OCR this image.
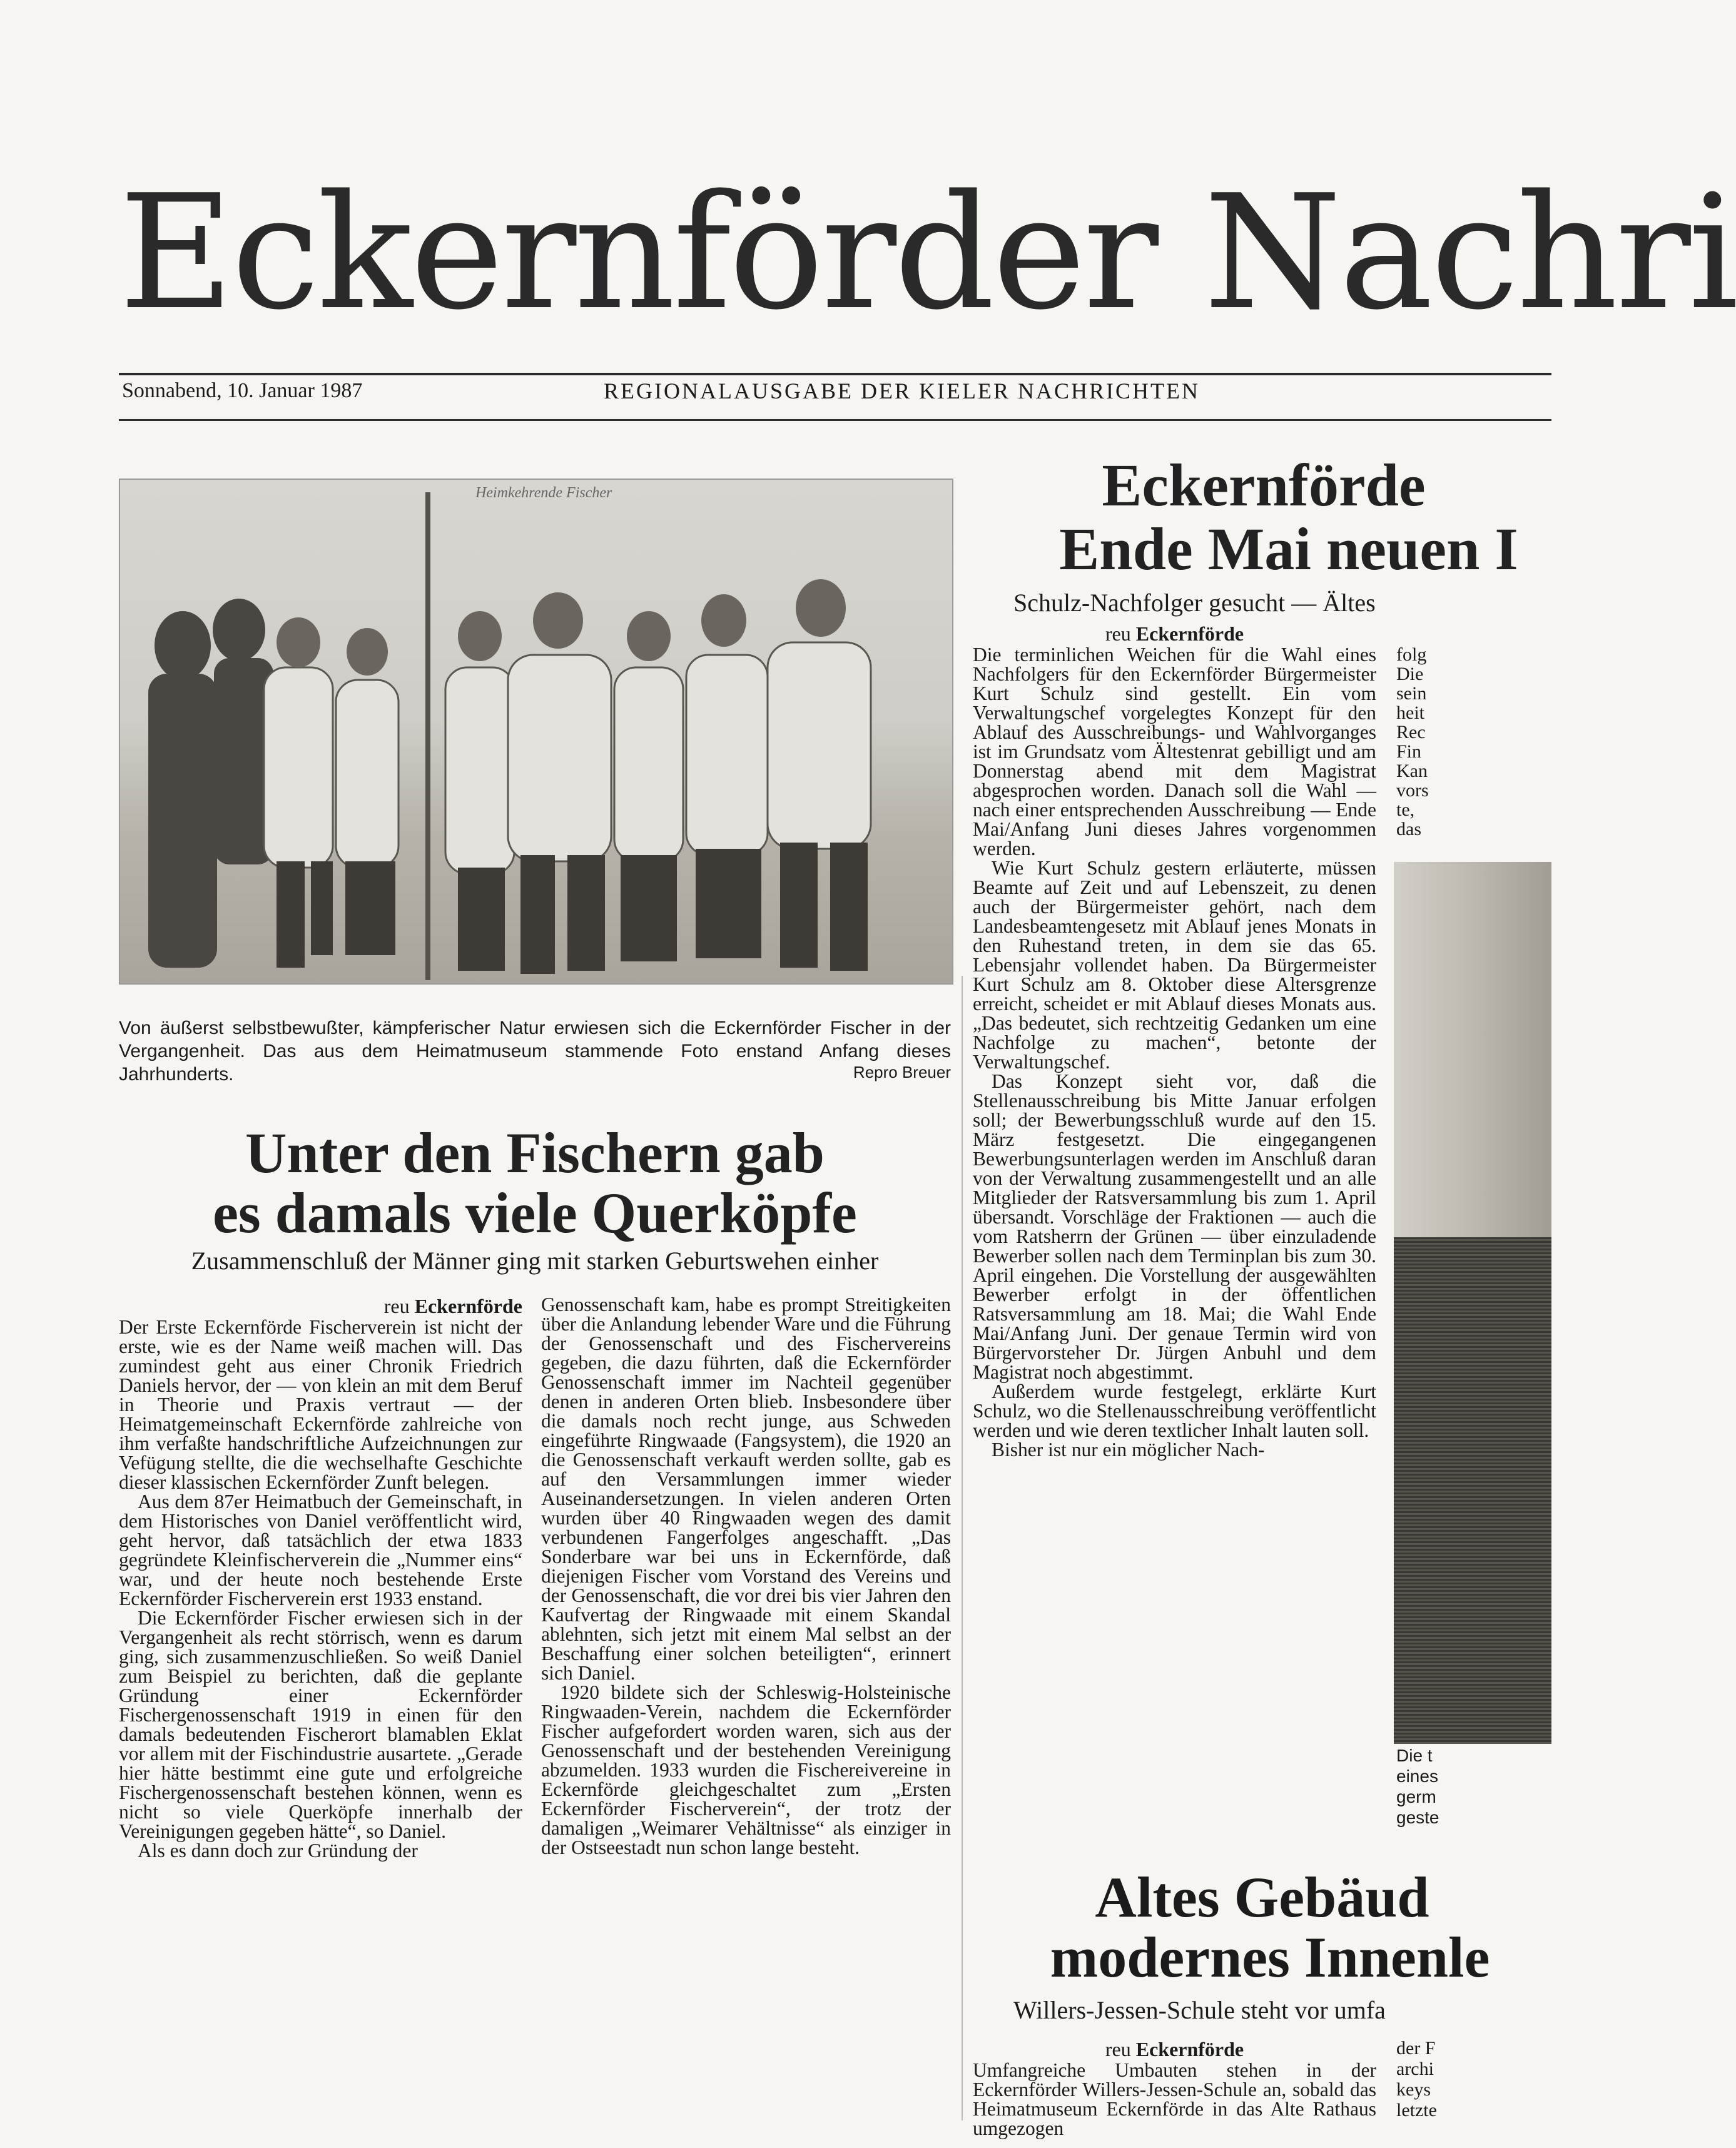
Eckernförder Nachri
Sonnabend, 10. Januar 1987	REGIONALAUSGABE DER KIELER NACHRICHTEN
Heimkehrende Fischer
Von äußerst selbstbewußter, kämpferischer Natur erwiesen sich die Eckernförder Fischer in der Vergangenheit. Das aus dem Heimatmuseum stammende Foto enstand Anfang dieses Jahrhunderts.	Repro Breuer
Unter den Fischern gab
es damals viele Querköpfe
Zusammenschluß der Männer ging mit starken Geburtswehen einher
reu Eckernförde

Der Erste Eckernförde Fischerverein ist nicht der erste, wie es der Name weiß machen will. Das zumindest geht aus einer Chronik Friedrich Daniels hervor, der — von klein an mit dem Beruf in Theorie und Praxis vertraut — der Heimatgemeinschaft Eckernförde zahlreiche von ihm verfaßte handschriftliche Aufzeichnungen zur Vefügung stellte, die die wechselhafte Geschichte dieser klassischen Eckernförder Zunft belegen.

Aus dem 87er Heimatbuch der Gemeinschaft, in dem Historisches von Daniel veröffentlicht wird, geht hervor, daß tatsächlich der etwa 1833 gegründete Kleinfischerverein die „Nummer eins“ war, und der heute noch bestehende Erste Eckernförder Fischerverein erst 1933 enstand.

Die Eckernförder Fischer erwiesen sich in der Vergangenheit als recht störrisch, wenn es darum ging, sich zusammenzuschließen. So weiß Daniel zum Beispiel zu berichten, daß die geplante Gründung einer Eckernförder Fischergenossenschaft 1919 in einen für den damals bedeutenden Fischerort blamablen Eklat vor allem mit der Fischindustrie ausartete. „Gerade hier hätte bestimmt eine gute und erfolgreiche Fischergenossenschaft bestehen können, wenn es nicht so viele Querköpfe innerhalb der Vereinigungen gegeben hätte“, so Daniel.

Als es dann doch zur Gründung der

Genossenschaft kam, habe es prompt Streitigkeiten über die Anlandung lebender Ware und die Führung der Genossenschaft und des Fischervereins gegeben, die dazu führten, daß die Eckernförder Genossenschaft immer im Nachteil gegenüber denen in anderen Orten blieb. Insbesondere über die damals noch recht junge, aus Schweden eingeführte Ringwaade (Fangsystem), die 1920 an die Genossenschaft verkauft werden sollte, gab es auf den Versammlungen immer wieder Auseinandersetzungen. In vielen anderen Orten wurden über 40 Ringwaaden wegen des damit verbundenen Fangerfolges angeschafft. „Das Sonderbare war bei uns in Eckernförde, daß diejenigen Fischer vom Vorstand des Vereins und der Genossenschaft, die vor drei bis vier Jahren den Kaufvertag der Ringwaade mit einem Skandal ablehnten, sich jetzt mit einem Mal selbst an der Beschaffung einer solchen beteiligten“, erinnert sich Daniel.

1920 bildete sich der Schleswig-Holsteinische Ringwaaden-Verein, nachdem die Eckernförder Fischer aufgefordert worden waren, sich aus der Genossenschaft und der bestehenden Vereinigung abzumelden. 1933 wurden die Fischereivereine in Eckernförde gleichgeschaltet zum „Ersten Eckernförder Fischerverein“, der trotz der damaligen „Weimarer Vehältnisse“ als einziger in der Ostseestadt nun schon lange besteht.

Eckernförde
Ende Mai neuen I
Schulz-Nachfolger gesucht — Ältes
reu Eckernförde

Die terminlichen Weichen für die Wahl eines Nachfolgers für den Eckernförder Bürgermeister Kurt Schulz sind gestellt. Ein vom Verwaltungschef vorgelegtes Konzept für den Ablauf des Ausschreibungs- und Wahlvorganges ist im Grundsatz vom Ältestenrat gebilligt und am Donnerstag abend mit dem Magistrat abgesprochen worden. Danach soll die Wahl — nach einer entsprechenden Ausschreibung — Ende Mai/Anfang Juni dieses Jahres vorgenommen werden.

Wie Kurt Schulz gestern erläuterte, müssen Beamte auf Zeit und auf Lebenszeit, zu denen auch der Bürgermeister gehört, nach dem Landesbeamtengesetz mit Ablauf jenes Monats in den Ruhestand treten, in dem sie das 65. Lebensjahr vollendet haben. Da Bürgermeister Kurt Schulz am 8. Oktober diese Altersgrenze erreicht, scheidet er mit Ablauf dieses Monats aus. „Das bedeutet, sich rechtzeitig Gedanken um eine Nachfolge zu machen“, betonte der Verwaltungschef.

Das Konzept sieht vor, daß die Stellenausschreibung bis Mitte Januar erfolgen soll; der Bewerbungsschluß wurde auf den 15. März festgesetzt. Die eingegangenen Bewerbungsunterlagen werden im Anschluß daran von der Verwaltung zusammengestellt und an alle Mitglieder der Ratsversammlung bis zum 1. April übersandt. Vorschläge der Fraktionen — auch die vom Ratsherrn der Grünen — über einzuladende Bewerber sollen nach dem Terminplan bis zum 30. April eingehen. Die Vorstellung der ausgewählten Bewerber erfolgt in der öffentlichen Ratsversammlung am 18. Mai; die Wahl Ende Mai/Anfang Juni. Der genaue Termin wird von Bürgervorsteher Dr. Jürgen Anbuhl und dem Magistrat noch abgestimmt.

Außerdem wurde festgelegt, erklärte Kurt Schulz, wo die Stellenausschreibung veröffentlicht werden und wie deren textlicher Inhalt lauten soll.

Bisher ist nur ein möglicher Nach-

folg

Die

sein

heit

Rec

Fin

Kan

vors

te,

das

Die t
eines
germ
geste
Altes Gebäud
modernes Innenle
Willers-Jessen-Schule steht vor umfa
reu Eckernförde

Umfangreiche Umbauten stehen in der Eckernförder Willers-Jessen-Schule an, sobald das Heimatmuseum Eckernförde in das Alte Rathaus umgezogen

der F

archi

keys

letzte
